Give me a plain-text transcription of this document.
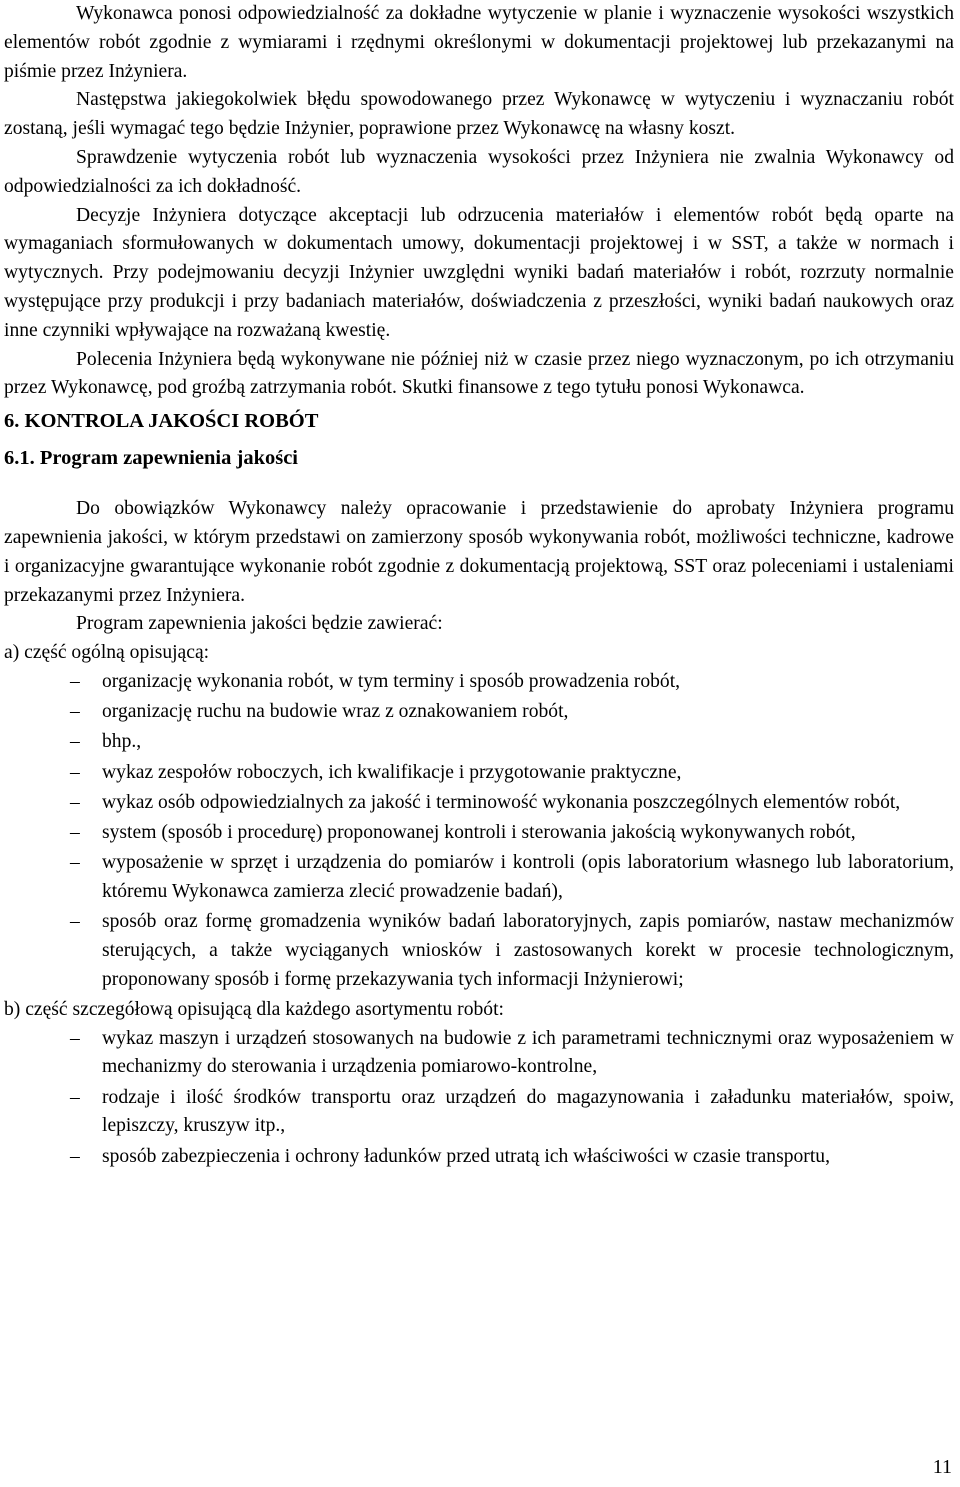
Wykonawca ponosi odpowiedzialność za dokładne wytyczenie w planie i wyznaczenie wysokości wszystkich elementów robót zgodnie z wymiarami i rzędnymi określonymi w dokumentacji projektowej lub przekazanymi na piśmie przez Inżyniera.

Następstwa jakiegokolwiek błędu spowodowanego przez Wykonawcę w wytyczeniu i wyznaczaniu robót zostaną, jeśli wymagać tego będzie Inżynier, poprawione przez Wykonawcę na własny koszt.

Sprawdzenie wytyczenia robót lub wyznaczenia wysokości przez Inżyniera nie zwalnia Wykonawcy od odpowiedzialności za ich dokładność.

Decyzje Inżyniera dotyczące akceptacji lub odrzucenia materiałów i elementów robót będą oparte na wymaganiach sformułowanych w dokumentach umowy, dokumentacji projektowej i w SST, a także w normach i wytycznych. Przy podejmowaniu decyzji Inżynier uwzględni wyniki badań materiałów i robót, rozrzuty normalnie występujące przy produkcji i przy badaniach materiałów, doświadczenia z przeszłości, wyniki badań naukowych oraz inne czynniki wpływające na rozważaną kwestię.

Polecenia Inżyniera będą wykonywane nie później niż w czasie przez niego wyznaczonym, po ich otrzymaniu przez Wykonawcę, pod groźbą zatrzymania robót. Skutki finansowe z tego tytułu ponosi Wykonawca.

6. KONTROLA JAKOŚCI ROBÓT
6.1. Program zapewnienia jakości

Do obowiązków Wykonawcy należy opracowanie i przedstawienie do aprobaty Inżyniera programu zapewnienia jakości, w którym przedstawi on zamierzony sposób wykonywania robót, możliwości techniczne, kadrowe i organizacyjne gwarantujące wykonanie robót zgodnie z dokumentacją projektową, SST oraz poleceniami i ustaleniami przekazanymi przez Inżyniera.

Program zapewnienia jakości będzie zawierać:

a) część ogólną opisującą:

– organizację wykonania robót, w tym terminy i sposób prowadzenia robót,
– organizację ruchu na budowie wraz z oznakowaniem robót,
– bhp.,
– wykaz zespołów roboczych, ich kwalifikacje i przygotowanie praktyczne,
– wykaz osób odpowiedzialnych za jakość i terminowość wykonania poszczególnych elementów robót,
– system (sposób i procedurę) proponowanej kontroli i sterowania jakością wykonywanych robót,
– wyposażenie w sprzęt i urządzenia do pomiarów i kontroli (opis laboratorium własnego lub laboratorium, któremu Wykonawca zamierza zlecić prowadzenie badań),
– sposób oraz formę gromadzenia wyników badań laboratoryjnych, zapis pomiarów, nastaw mechanizmów sterujących, a także wyciąganych wniosków i zastosowanych korekt w procesie technologicznym, proponowany sposób i formę przekazywania tych informacji Inżynierowi;

b) część szczegółową opisującą dla każdego asortymentu robót:

– wykaz maszyn i urządzeń stosowanych na budowie z ich parametrami technicznymi oraz wyposażeniem w mechanizmy do sterowania i urządzenia pomiarowo-kontrolne,
– rodzaje i ilość środków transportu oraz urządzeń do magazynowania i załadunku materiałów, spoiw, lepiszczy, kruszyw itp.,
– sposób zabezpieczenia i ochrony ładunków przed utratą ich właściwości w czasie transportu,
11
